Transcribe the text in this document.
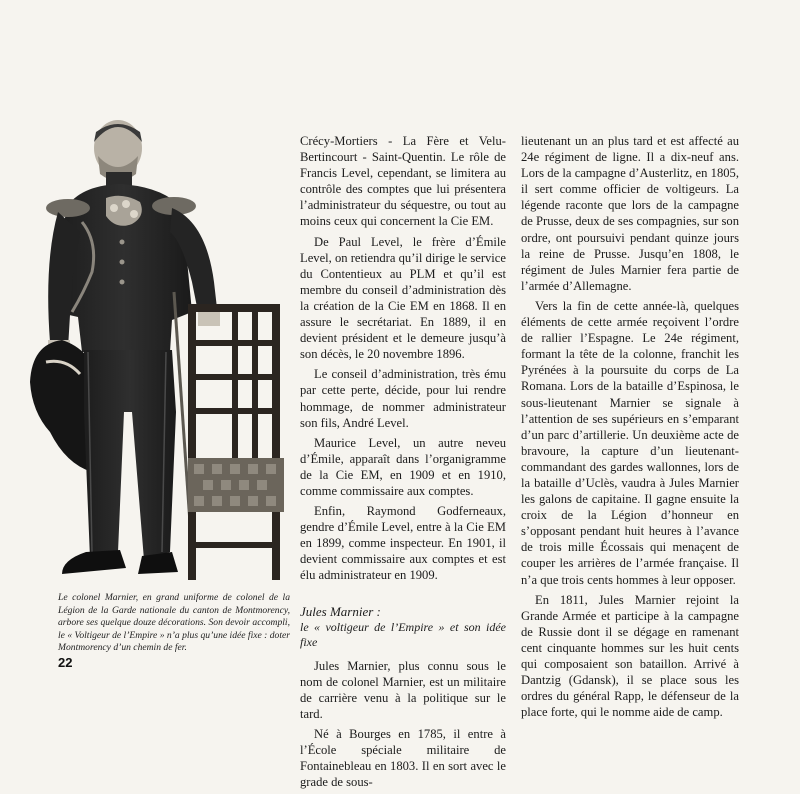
Le colonel Marnier, en grand uniforme de colonel de la Légion de la Garde nationale du canton de Montmorency, arbore ses quelque douze décorations. Son devoir accompli, le « Voltigeur de l’Empire » n’a plus qu’une idée fixe : doter Montmorency d’un chemin de fer.

22

Crécy-Mortiers - La Fère et Velu-Bertincourt - Saint-Quentin. Le rôle de Francis Level, cependant, se limitera au contrôle des comptes que lui présentera l’administrateur du séquestre, ou tout au moins ceux qui concernent la Cie EM.

De Paul Level, le frère d’Émile Level, on retiendra qu’il dirige le service du Contentieux au PLM et qu’il est membre du conseil d’administration dès la création de la Cie EM en 1868. Il en assure le secrétariat. En 1889, il en devient président et le demeure jusqu’à son décès, le 20 novembre 1896.

Le conseil d’administration, très ému par cette perte, décide, pour lui rendre hommage, de nommer administrateur son fils, André Level.

Maurice Level, un autre neveu d’Émile, apparaît dans l’organigramme de la Cie EM, en 1909 et en 1910, comme commissaire aux comptes.

Enfin, Raymond Godferneaux, gendre d’Émile Level, entre à la Cie EM en 1899, comme inspecteur. En 1901, il devient commissaire aux comptes et est élu administrateur en 1909.

Jules Marnier :
le « voltigeur de l’Empire » et son idée fixe

Jules Marnier, plus connu sous le nom de colonel Marnier, est un militaire de carrière venu à la politique sur le tard.

Né à Bourges en 1785, il entre à l’École spéciale militaire de Fontainebleau en 1803. Il en sort avec le grade de sous-

lieutenant un an plus tard et est affecté au 24e régiment de ligne. Il a dix-neuf ans. Lors de la campagne d’Austerlitz, en 1805, il sert comme officier de voltigeurs. La légende raconte que lors de la campagne de Prusse, deux de ses compagnies, sur son ordre, ont poursuivi pendant quinze jours la reine de Prusse. Jusqu’en 1808, le régiment de Jules Marnier fera partie de l’armée d’Allemagne.

Vers la fin de cette année-là, quelques éléments de cette armée reçoivent l’ordre de rallier l’Espagne. Le 24e régiment, formant la tête de la colonne, franchit les Pyrénées à la poursuite du corps de La Romana. Lors de la bataille d’Espinosa, le sous-lieutenant Marnier se signale à l’attention de ses supérieurs en s’emparant d’un parc d’artillerie. Un deuxième acte de bravoure, la capture d’un lieutenant-commandant des gardes wallonnes, lors de la bataille d’Uclès, vaudra à Jules Marnier les galons de capitaine. Il gagne ensuite la croix de la Légion d’honneur en s’opposant pendant huit heures à l’avance de trois mille Écossais qui menaçent de couper les arrières de l’armée française. Il n’a que trois cents hommes à leur opposer.

En 1811, Jules Marnier rejoint la Grande Armée et participe à la campagne de Russie dont il se dégage en ramenant cent cinquante hommes sur les huit cents qui composaient son bataillon. Arrivé à Dantzig (Gdansk), il se place sous les ordres du général Rapp, le défenseur de la place forte, qui le nomme aide de camp.
